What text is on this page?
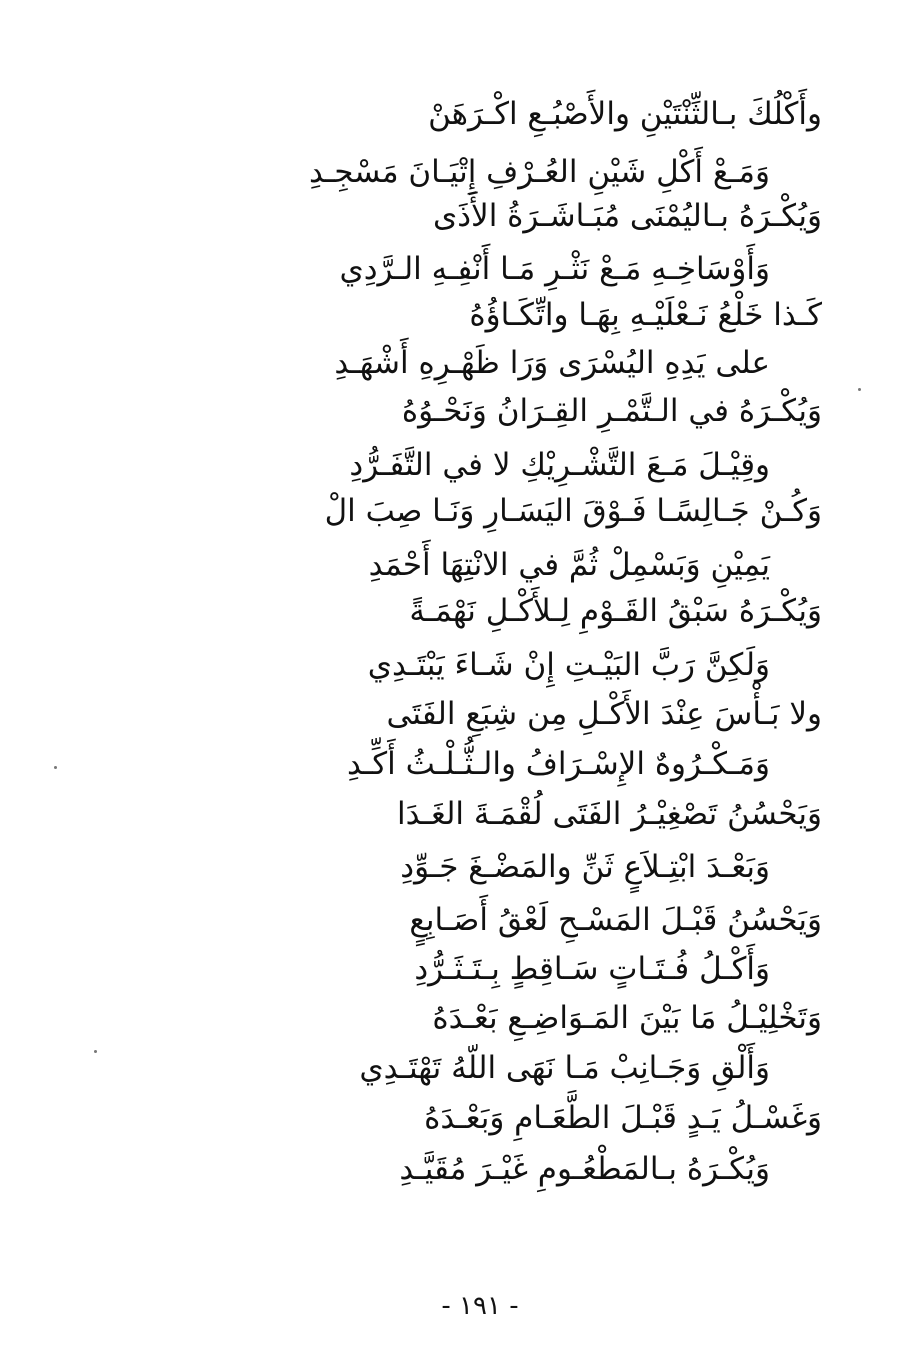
وأَكْلُكَ بـالثِّنْتَيْنِ والأَصْبُـعِ اكْـرَهَنْ
وَمَـعْ أَكْلِ شَيْنِ العُـرْفِ إِتْيَـانَ مَسْجِـدِ
وَيُكْـرَهُ بـاليُمْنَى مُبَـاشَـرَةُ الأَذَى
وَأَوْسَاخِـهِ مَـعْ نَثْـرِ مَـا أَنْفِـهِ الـرَّدِي
كَـذا خَلْعُ نَـعْلَيْـهِ بِهَـا واتِّكَـاؤُهُ
على يَدِهِ اليُسْرَى وَرَا ظَهْـرِهِ أَشْهَـدِ
وَيُكْـرَهُ في الـتَّمْـرِ القِـرَانُ وَنَحْـوُهُ
وقِيْـلَ مَـعَ التَّشْـرِيْكِ لا في التَّفَـرُّدِ
وَكُـنْ جَـالِسًـا فَـوْقَ اليَسَـارِ وَنَـا صِبَ الْ
يَمِيْنِ وَبَسْمِلْ ثُمَّ في الانْتِهَا أَحْمَدِ
وَيُكْـرَهُ سَبْقُ القَـوْمِ لِـلأَكْـلِ نَهْمَـةً
وَلَكِنَّ رَبَّ البَيْـتِ إِنْ شَـاءَ يَبْتَـدِي
ولا بَـأْسَ عِنْدَ الأَكْـلِ مِن شِبَعِ الفَتَى
وَمَـكْـرُوهٌ الإِسْـرَافُ والـثُّـلْـثُ أَكِّـدِ
وَيَحْسُنُ تَصْغِيْـرُ الفَتَى لُقْمَـةَ الغَـدَا
وَبَعْـدَ ابْتِـلاَعٍ ثَنِّ والمَضْـغَ جَـوِّدِ
وَيَحْسُنُ قَبْـلَ المَسْـحِ لَعْقُ أَصَـابِعٍ
وَأَكْـلُ فُـتَـاتٍ سَـاقِطٍ بِـتَـثَـرُّدِ
وَتَخْلِيْـلُ مَا بَيْنَ المَـوَاضِـعِ بَعْـدَهُ
وَأَلْقِ وَجَـانِبْ مَـا نَهَى اللّهُ تَهْتَـدِي
وَغَسْـلُ يَـدٍ قَبْـلَ الطَّعَـامِ وَبَعْـدَهُ
وَيُكْـرَهُ بـالمَطْعُـومِ غَيْـرَ مُقَيَّـدِ
- ١٩١ -
